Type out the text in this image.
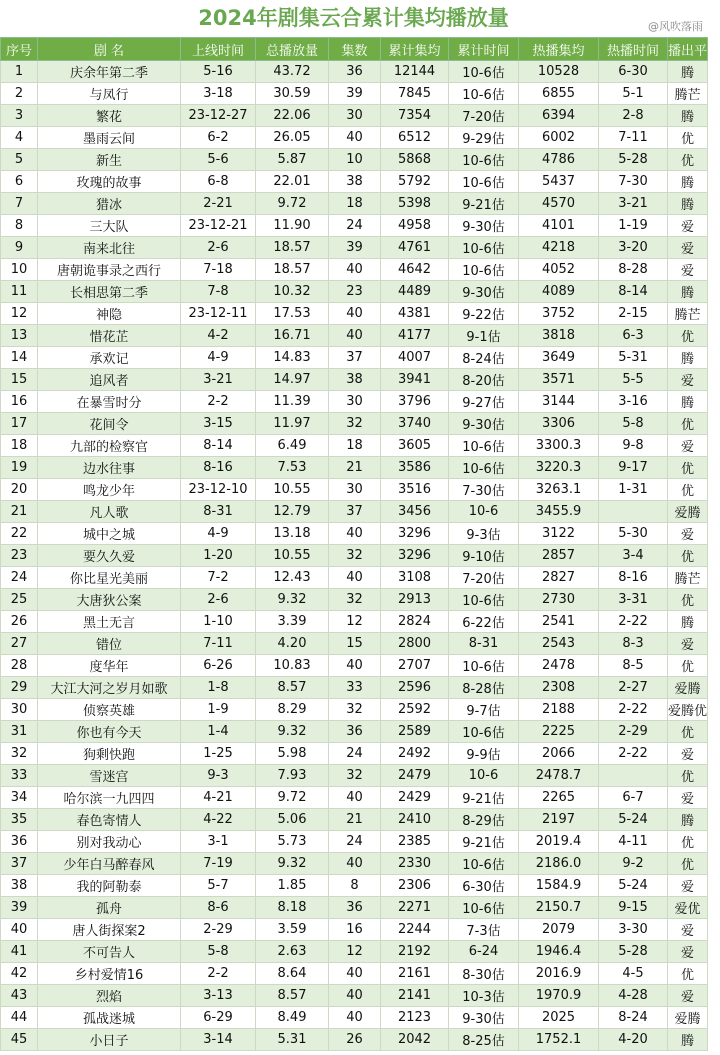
2024年剧集云合累计集均播放量	@风吹落雨
序号	剧 名	上线时间	总播放量	集数	累计集均	累计时间	热播集均	热播时间	播出平台
1	庆余年第二季	5-16	43.72	36	12144	10-6估	10528	6-30	腾
2	与凤行	3-18	30.59	39	7845	10-6估	6855	5-1	腾芒
3	繁花	23-12-27	22.06	30	7354	7-20估	6394	2-8	腾
4	墨雨云间	6-2	26.05	40	6512	9-29估	6002	7-11	优
5	新生	5-6	5.87	10	5868	10-6估	4786	5-28	优
6	玫瑰的故事	6-8	22.01	38	5792	10-6估	5437	7-30	腾
7	猎冰	2-21	9.72	18	5398	9-21估	4570	3-21	腾
8	三大队	23-12-21	11.90	24	4958	9-30估	4101	1-19	爱
9	南来北往	2-6	18.57	39	4761	10-6估	4218	3-20	爱
10	唐朝诡事录之西行	7-18	18.57	40	4642	10-6估	4052	8-28	爱
11	长相思第二季	7-8	10.32	23	4489	9-30估	4089	8-14	腾
12	神隐	23-12-11	17.53	40	4381	9-22估	3752	2-15	腾芒
13	惜花芷	4-2	16.71	40	4177	9-1估	3818	6-3	优
14	承欢记	4-9	14.83	37	4007	8-24估	3649	5-31	腾
15	追风者	3-21	14.97	38	3941	8-20估	3571	5-5	爱
16	在暴雪时分	2-2	11.39	30	3796	9-27估	3144	3-16	腾
17	花间令	3-15	11.97	32	3740	9-30估	3306	5-8	优
18	九部的检察官	8-14	6.49	18	3605	10-6估	3300.3	9-8	爱
19	边水往事	8-16	7.53	21	3586	10-6估	3220.3	9-17	优
20	鸣龙少年	23-12-10	10.55	30	3516	7-30估	3263.1	1-31	优
21	凡人歌	8-31	12.79	37	3456	10-6	3455.9		爱腾
22	城中之城	4-9	13.18	40	3296	9-3估	3122	5-30	爱
23	要久久爱	1-20	10.55	32	3296	9-10估	2857	3-4	优
24	你比星光美丽	7-2	12.43	40	3108	7-20估	2827	8-16	腾芒
25	大唐狄公案	2-6	9.32	32	2913	10-6估	2730	3-31	优
26	黑土无言	1-10	3.39	12	2824	6-22估	2541	2-22	腾
27	错位	7-11	4.20	15	2800	8-31	2543	8-3	爱
28	度华年	6-26	10.83	40	2707	10-6估	2478	8-5	优
29	大江大河之岁月如歌	1-8	8.57	33	2596	8-28估	2308	2-27	爱腾
30	侦察英雄	1-9	8.29	32	2592	9-7估	2188	2-22	爱腾优
31	你也有今天	1-4	9.32	36	2589	10-6估	2225	2-29	优
32	狗剩快跑	1-25	5.98	24	2492	9-9估	2066	2-22	爱
33	雪迷宫	9-3	7.93	32	2479	10-6	2478.7		优
34	哈尔滨一九四四	4-21	9.72	40	2429	9-21估	2265	6-7	爱
35	春色寄情人	4-22	5.06	21	2410	8-29估	2197	5-24	腾
36	别对我动心	3-1	5.73	24	2385	9-21估	2019.4	4-11	优
37	少年白马醉春风	7-19	9.32	40	2330	10-6估	2186.0	9-2	优
38	我的阿勒泰	5-7	1.85	8	2306	6-30估	1584.9	5-24	爱
39	孤舟	8-6	8.18	36	2271	10-6估	2150.7	9-15	爱优
40	唐人街探案2	2-29	3.59	16	2244	7-3估	2079	3-30	爱
41	不可告人	5-8	2.63	12	2192	6-24	1946.4	5-28	爱
42	乡村爱情16	2-2	8.64	40	2161	8-30估	2016.9	4-5	优
43	烈焰	3-13	8.57	40	2141	10-3估	1970.9	4-28	爱
44	孤战迷城	6-29	8.49	40	2123	9-30估	2025	8-24	爱腾
45	小日子	3-14	5.31	26	2042	8-25估	1752.1	4-20	腾
